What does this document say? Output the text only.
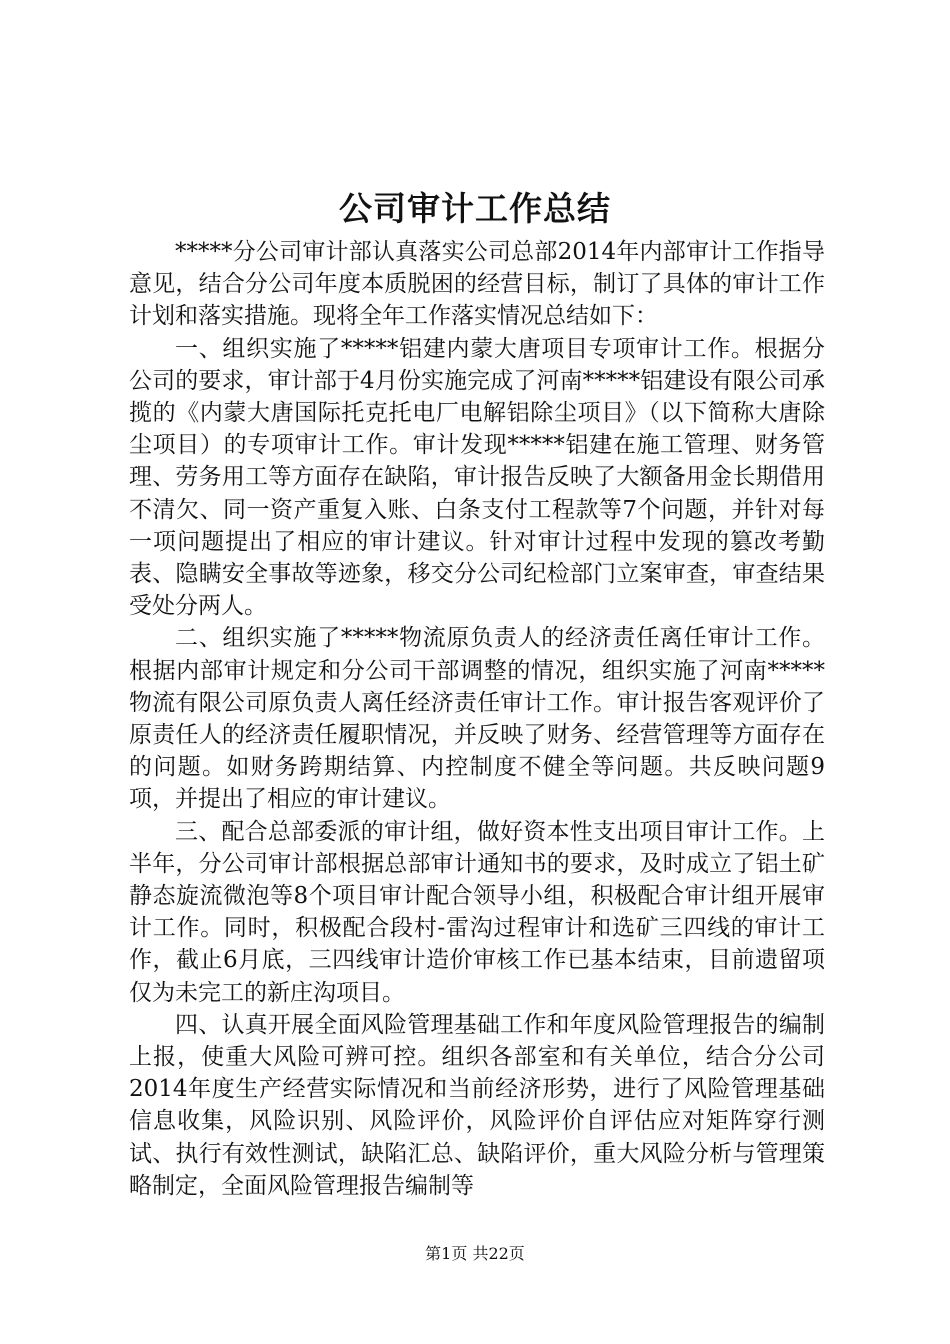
公司审计工作总结

*****分公司审计部认真落实公司总部2014年内部审计工作指导意见，结合分公司年度本质脱困的经营目标，制订了具体的审计工作计划和落实措施。现将全年工作落实情况总结如下：

一、组织实施了*****铝建内蒙大唐项目专项审计工作。根据分公司的要求，审计部于4月份实施完成了河南*****铝建设有限公司承揽的《内蒙大唐国际托克托电厂电解铝除尘项目》（以下简称大唐除尘项目）的专项审计工作。审计发现*****铝建在施工管理、财务管理、劳务用工等方面存在缺陷，审计报告反映了大额备用金长期借用不清欠、同一资产重复入账、白条支付工程款等7个问题，并针对每一项问题提出了相应的审计建议。针对审计过程中发现的篡改考勤表、隐瞒安全事故等迹象，移交分公司纪检部门立案审查，审查结果受处分两人。

二、组织实施了*****物流原负责人的经济责任离任审计工作。根据内部审计规定和分公司干部调整的情况，组织实施了河南*****物流有限公司原负责人离任经济责任审计工作。审计报告客观评价了原责任人的经济责任履职情况，并反映了财务、经营管理等方面存在的问题。如财务跨期结算、内控制度不健全等问题。共反映问题9项，并提出了相应的审计建议。

三、配合总部委派的审计组，做好资本性支出项目审计工作。上半年，分公司审计部根据总部审计通知书的要求，及时成立了铝土矿静态旋流微泡等8个项目审计配合领导小组，积极配合审计组开展审计工作。同时，积极配合段村-雷沟过程审计和选矿三四线的审计工作，截止6月底，三四线审计造价审核工作已基本结束，目前遗留项仅为未完工的新庄沟项目。

四、认真开展全面风险管理基础工作和年度风险管理报告的编制上报，使重大风险可辨可控。组织各部室和有关单位，结合分公司2014年度生产经营实际情况和当前经济形势，进行了风险管理基础信息收集，风险识别、风险评价，风险评价自评估应对矩阵穿行测试、执行有效性测试，缺陷汇总、缺陷评价，重大风险分析与管理策略制定，全面风险管理报告编制等

第1页 共22页
